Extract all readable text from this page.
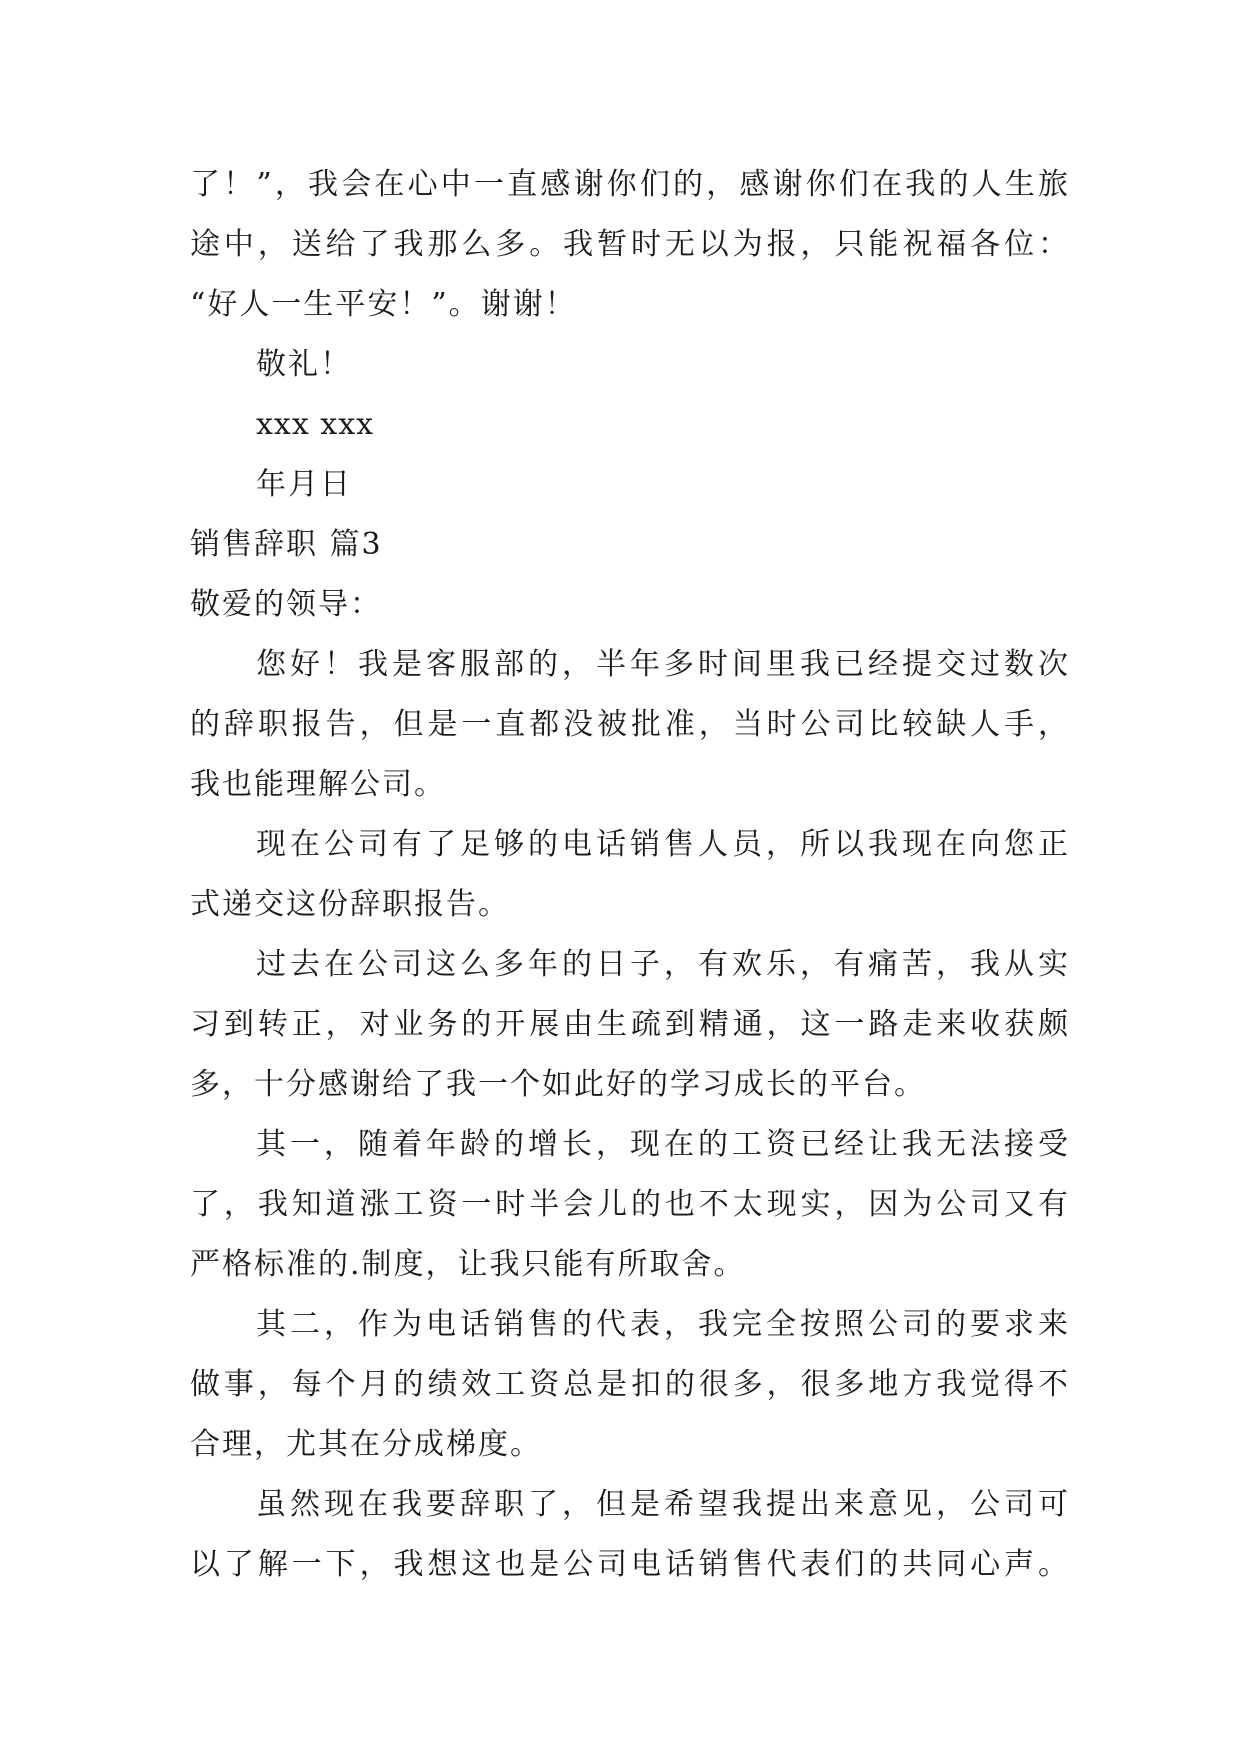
了！”，我会在心中一直感谢你们的，感谢你们在我的人生旅
途中，送给了我那么多。我暂时无以为报，只能祝福各位：
“好人一生平安！”。谢谢！
敬礼！
xxx xxx
年月日
销售辞职 篇3
敬爱的领导：
您好！我是客服部的，半年多时间里我已经提交过数次
的辞职报告，但是一直都没被批准，当时公司比较缺人手，
我也能理解公司。
现在公司有了足够的电话销售人员，所以我现在向您正
式递交这份辞职报告。
过去在公司这么多年的日子，有欢乐，有痛苦，我从实
习到转正，对业务的开展由生疏到精通，这一路走来收获颇
多，十分感谢给了我一个如此好的学习成长的平台。
其一，随着年龄的增长，现在的工资已经让我无法接受
了，我知道涨工资一时半会儿的也不太现实，因为公司又有
严格标准的.制度，让我只能有所取舍。
其二，作为电话销售的代表，我完全按照公司的要求来
做事，每个月的绩效工资总是扣的很多，很多地方我觉得不
合理，尤其在分成梯度。
虽然现在我要辞职了，但是希望我提出来意见，公司可
以了解一下，我想这也是公司电话销售代表们的共同心声。
